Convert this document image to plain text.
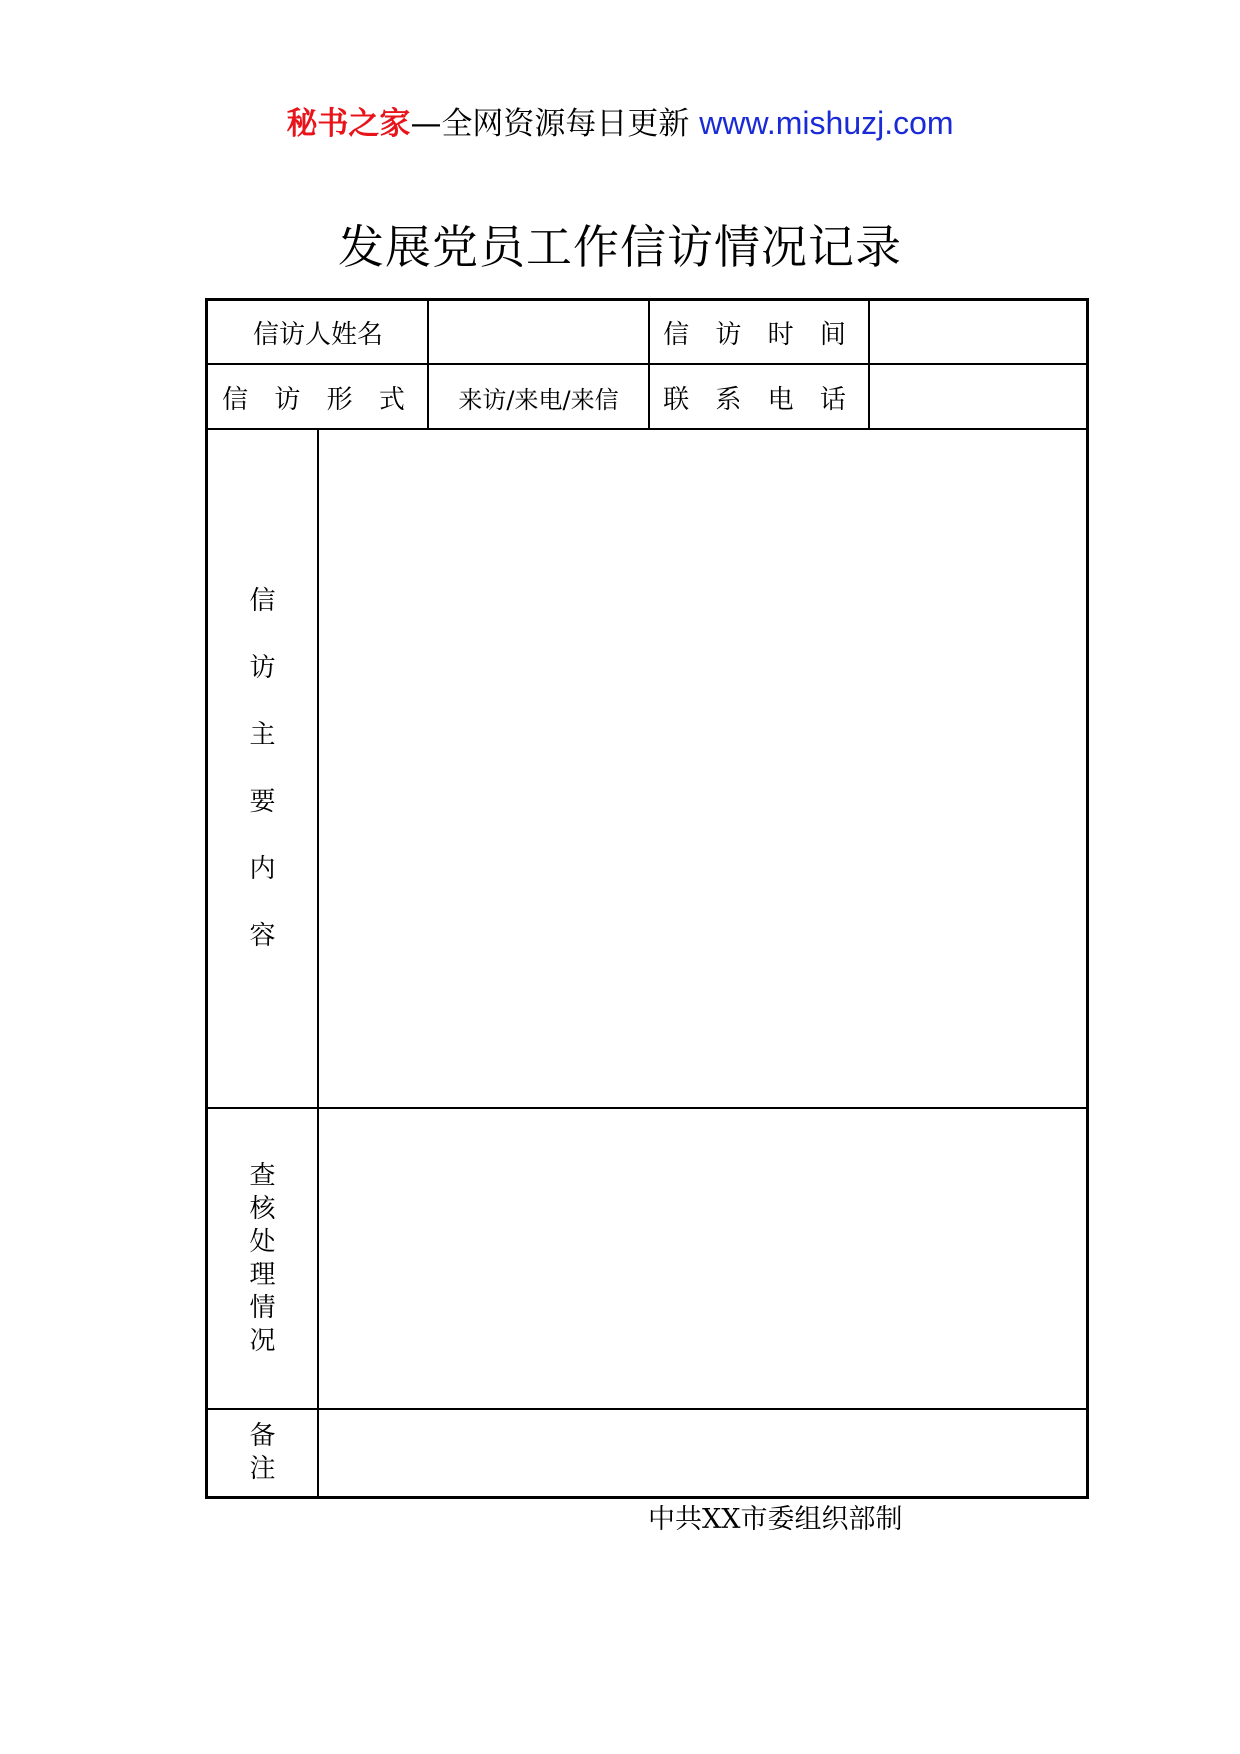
秘书之家—全网资源每日更新 www.mishuzj.com
发展党员工作信访情况记录
信访人姓名	信 访 时 间
信 访 形 式 来访/来电/来信 联 系 电 话
信
访
主
要
内
容
查
核
处
理
情
况
备
注
中共XX市委组织部制
